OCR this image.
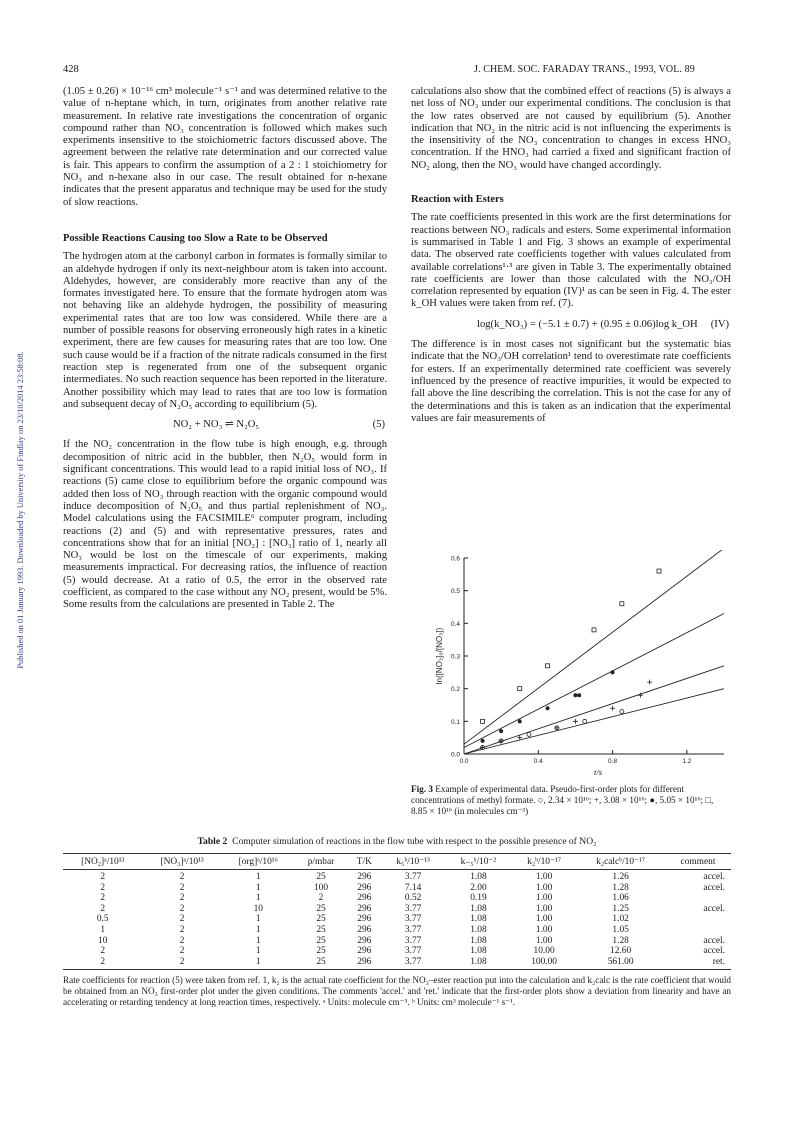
428	J. CHEM. SOC. FARADAY TRANS., 1993, VOL. 89
Published on 01 January 1993. Downloaded by University of Findlay on 23/10/2014 23:58:08.

(1.05 ± 0.26) × 10⁻¹⁶ cm³ molecule⁻¹ s⁻¹ and was determined relative to the value of n-heptane which, in turn, originates from another relative rate measurement. In relative rate investigations the concentration of organic compound rather than NO₃ concentration is followed which makes such experiments insensitive to the stoichiometric factors discussed above. The agreement between the relative rate determination and our corrected value is fair. This appears to confirm the assumption of a 2 : 1 stoichiometry for NO₃ and n-hexane also in our case. The result obtained for n-hexane indicates that the present apparatus and technique may be used for the study of slow reactions.

Possible Reactions Causing too Slow a Rate to be Observed

The hydrogen atom at the carbonyl carbon in formates is formally similar to an aldehyde hydrogen if only its next-neighbour atom is taken into account. Aldehydes, however, are considerably more reactive than any of the formates investigated here. To ensure that the formate hydrogen atom was not behaving like an aldehyde hydrogen, the possibility of measuring experimental rates that are too low was considered. While there are a number of possible reasons for observing erroneously high rates in a kinetic experiment, there are few causes for measuring rates that are too low. One such cause would be if a fraction of the nitrate radicals consumed in the first reaction step is regenerated from one of the subsequent organic intermediates. No such reaction sequence has been reported in the literature. Another possibility which may lead to rates that are too low is formation and subsequent decay of N₂O₅ according to equilibrium (5).

NO₂ + NO₃ ⇌ N₂O₅	(5)

If the NO₂ concentration in the flow tube is high enough, e.g. through decomposition of nitric acid in the bubbler, then N₂O₅ would form in significant concentrations. This would lead to a rapid initial loss of NO₃. If reactions (5) came close to equilibrium before the organic compound was added then loss of NO₃ through reaction with the organic compound would induce decomposition of N₂O₅ and thus partial replenishment of NO₃. Model calculations using the FACSIMILE⁶ computer program, including reactions (2) and (5) and with representative pressures, rates and concentrations show that for an initial [NO₂] : [NO₃] ratio of 1, nearly all NO₃ would be lost on the timescale of our experiments, making measurements impractical. For decreasing ratios, the influence of reaction (5) would decrease. At a ratio of 0.5, the error in the observed rate coefficient, as compared to the case without any NO₂ present, would be 5%. Some results from the calculations are presented in Table 2. The

calculations also show that the combined effect of reactions (5) is always a net loss of NO₃ under our experimental conditions. The conclusion is that the low rates observed are not caused by equilibrium (5). Another indication that NO₂ in the nitric acid is not influencing the experiments is the insensitivity of the NO₃ concentration to changes in excess HNO₃ concentration. If the HNO₃ had carried a fixed and significant fraction of NO₂ along, then the NO₃ would have changed accordingly.

Reaction with Esters

The rate coefficients presented in this work are the first determinations for reactions between NO₃ radicals and esters. Some experimental information is summarised in Table 1 and Fig. 3 shows an example of experimental data. The observed rate coefficients together with values calculated from available correlations¹·³ are given in Table 3. The experimentally obtained rate coefficients are lower than those calculated with the NO₃/OH correlation represented by equation (IV)¹ as can be seen in Fig. 4. The ester k_OH values were taken from ref. (7).

log(k_NO₃) = (−5.1 ± 0.7) + (0.95 ± 0.06)log k_OH (IV)

The difference is in most cases not significant but the systematic bias indicate that the NO₃/OH correlation¹ tend to overestimate rate coefficients for esters. If an experimentally determined rate coefficient was severely influenced by the presence of reactive impurities, it would be expected to fall above the line describing the correlation. This is not the case for any of the determinations and this is taken as an indication that the experimental values are fair measurements of

0.0
0.1
0.2
0.3
0.4
0.5
0.6
0.0	0.4	0.8	1.2
t/s
ln([NO₃]₀/[NO₃])
Fig. 3 Example of experimental data. Pseudo-first-order plots for different concentrations of methyl formate. ○, 2.34 × 10¹⁶; +, 3.08 × 10¹⁶; ●, 5.05 × 10¹⁶; □, 8.85 × 10¹⁶ (in molecules cm⁻³)
Table 2 Computer simulation of reactions in the flow tube with respect to the possible presence of NO₂
[NO₂]ᵃ/10¹³	[NO₃]ᵃ/10¹³	[org]ᵃ/10¹⁶	p/mbar	T/K	k₅ᵇ/10⁻¹³	k₋₅ᵇ/10⁻²	k₂ᵇ/10⁻¹⁷	k₂calcᵇ/10⁻¹⁷	comment
2	2	1	25	296	3.77	1.08	1.00	1.26	accel.
2	2	1	100	296	7.14	2.00	1.00	1.28	accel.
2	2	1	2	296	0.52	0.19	1.00	1.06	
2	2	10	25	296	3.77	1.08	1.00	1.25	accel.
0.5	2	1	25	296	3.77	1.08	1.00	1.02	
1	2	1	25	296	3.77	1.08	1.00	1.05	
10	2	1	25	296	3.77	1.08	1.00	1.28	accel.
2	2	1	25	296	3.77	1.08	10.00	12.60	accel.
2	2	1	25	296	3.77	1.08	100.00	561.00	ret.
Rate coefficients for reaction (5) were taken from ref. 1, k₂ is the actual rate coefficient for the NO₃–ester reaction put into the calculation and k₂calc is the rate coefficient that would be obtained from an NO₃ first-order plot under the given conditions. The comments 'accel.' and 'ret.' indicate that the first-order plots show a deviation from linearity and have an accelerating or retarding tendency at long reaction times, respectively. ᵃ Units: molecule cm⁻³. ᵇ Units: cm³ molecule⁻¹ s⁻¹.
